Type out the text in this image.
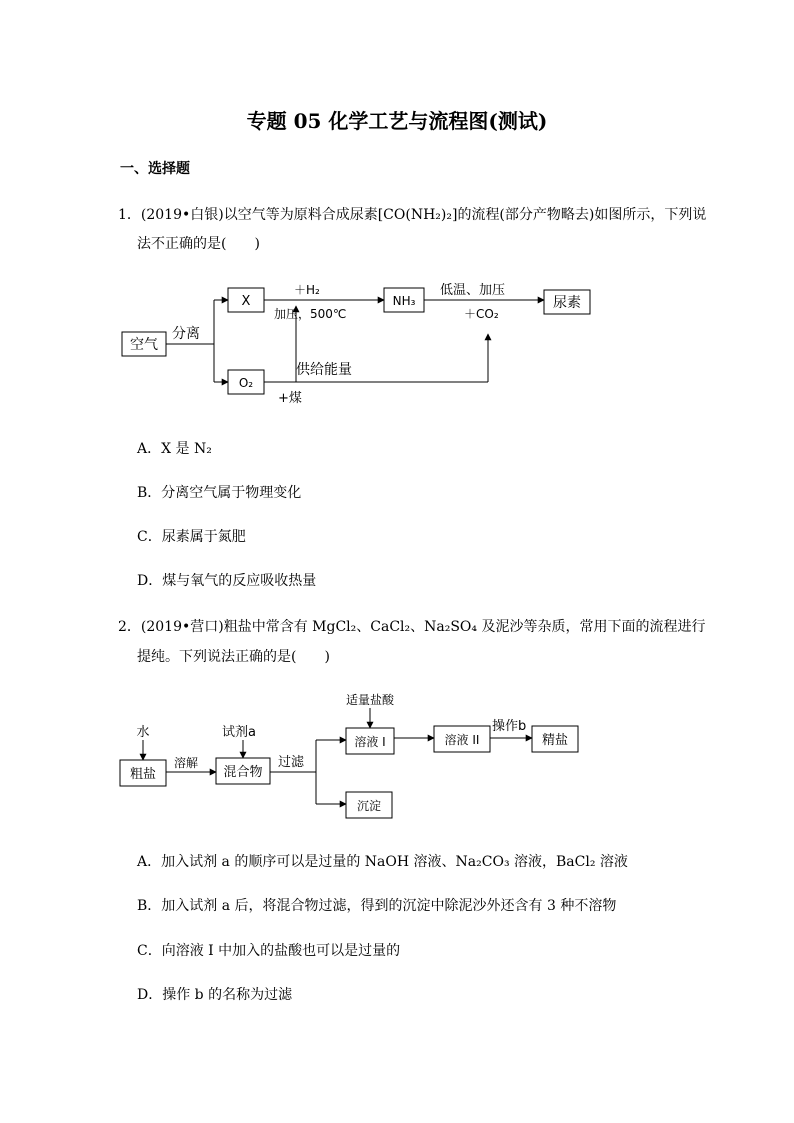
专题 05 化学工艺与流程图(测试)
一、选择题
1．(2019•白银)以空气等为原料合成尿素[CO(NH₂)₂]的流程(部分产物略去)如图所示，下列说
法不正确的是(　　)
空气
分离
X
O₂
＋H₂
加压，500℃
NH₃
低温、加压
＋CO₂
尿素
供给能量
+煤
A．X 是 N₂
B．分离空气属于物理变化
C．尿素属于氮肥
D．煤与氧气的反应吸收热量
2．(2019•营口)粗盐中常含有 MgCl₂、CaCl₂、Na₂SO₄ 及泥沙等杂质，常用下面的流程进行
提纯。下列说法正确的是(　　)
水
粗盐
溶解
试剂a
混合物
过滤
适量盐酸
溶液 I
沉淀
溶液 II
操作b
精盐
A．加入试剂 a 的顺序可以是过量的 NaOH 溶液、Na₂CO₃ 溶液，BaCl₂ 溶液
B．加入试剂 a 后，将混合物过滤，得到的沉淀中除泥沙外还含有 3 种不溶物
C．向溶液 I 中加入的盐酸也可以是过量的
D．操作 b 的名称为过滤
